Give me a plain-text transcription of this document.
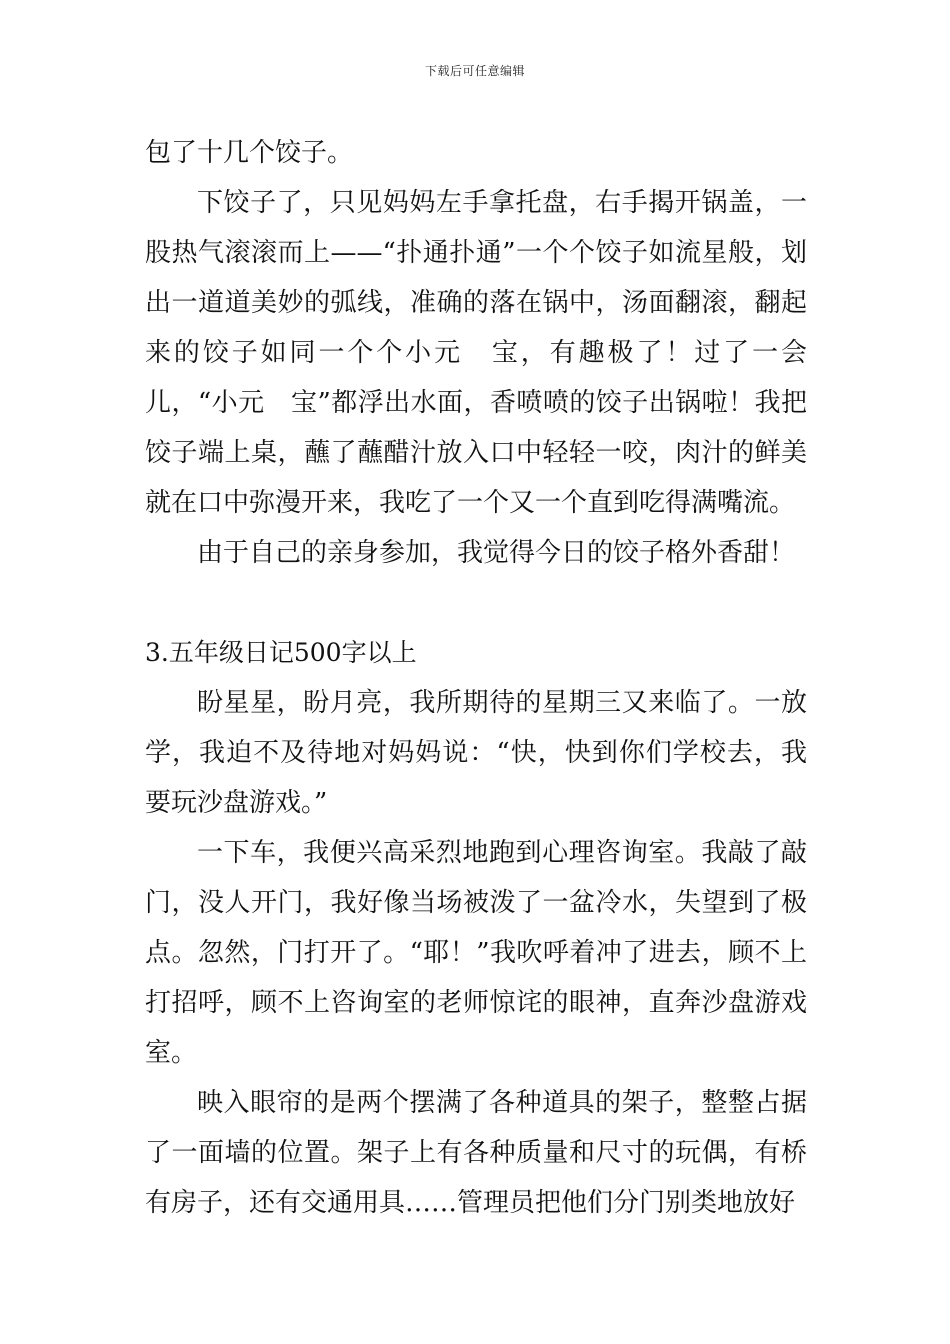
下载后可任意编辑

包了十几个饺子。

下饺子了，只见妈妈左手拿托盘，右手揭开锅盖，一股热气滚滚而上——“扑通扑通”一个个饺子如流星般，划出一道道美妙的弧线，准确的落在锅中，汤面翻滚，翻起来的饺子如同一个个小元　宝，有趣极了！过了一会儿，“小元　宝”都浮出水面，香喷喷的饺子出锅啦！我把饺子端上桌，蘸了蘸醋汁放入口中轻轻一咬，肉汁的鲜美就在口中弥漫开来，我吃了一个又一个直到吃得满嘴流。

由于自己的亲身参加，我觉得今日的饺子格外香甜！

3.五年级日记500字以上

盼星星，盼月亮，我所期待的星期三又来临了。一放学，我迫不及待地对妈妈说：“快，快到你们学校去，我要玩沙盘游戏。”

一下车，我便兴高采烈地跑到心理咨询室。我敲了敲门，没人开门，我好像当场被泼了一盆冷水，失望到了极点。忽然，门打开了。“耶！”我吹呼着冲了进去，顾不上打招呼，顾不上咨询室的老师惊诧的眼神，直奔沙盘游戏室。

映入眼帘的是两个摆满了各种道具的架子，整整占据了一面墙的位置。架子上有各种质量和尺寸的玩偶，有桥有房子，还有交通用具……管理员把他们分门别类地放好
